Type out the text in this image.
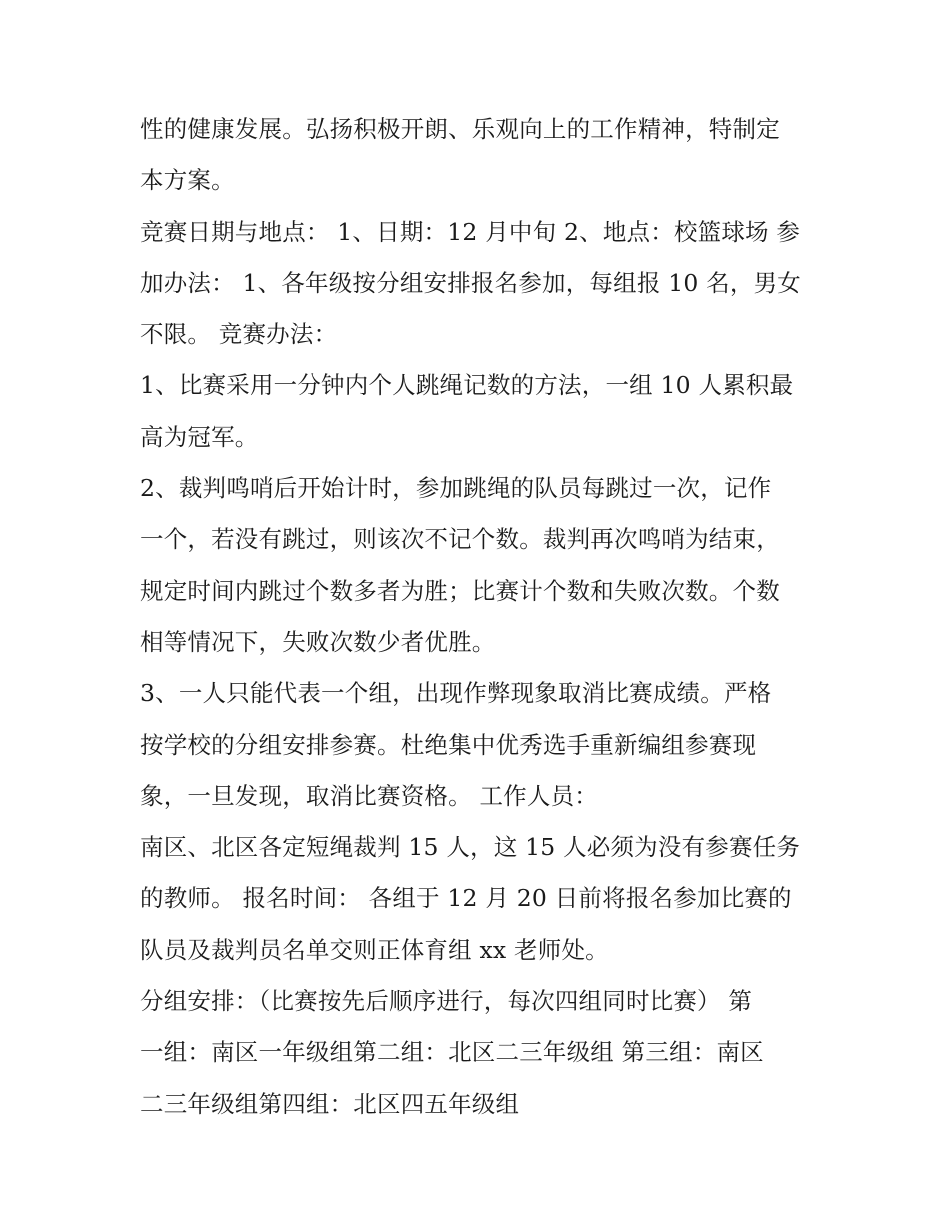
性的健康发展。弘扬积极开朗、乐观向上的工作精神，特制定
本方案。
竞赛日期与地点： 1、日期：12 月中旬 2、地点：校篮球场 参
加办法： 1、各年级按分组安排报名参加，每组报 10 名，男女
不限。 竞赛办法：
1、比赛采用一分钟内个人跳绳记数的方法，一组 10 人累积最
高为冠军。
2、裁判鸣哨后开始计时，参加跳绳的队员每跳过一次，记作
一个，若没有跳过，则该次不记个数。裁判再次鸣哨为结束，
规定时间内跳过个数多者为胜；比赛计个数和失败次数。个数
相等情况下，失败次数少者优胜。
3、一人只能代表一个组，出现作弊现象取消比赛成绩。严格
按学校的分组安排参赛。杜绝集中优秀选手重新编组参赛现
象，一旦发现，取消比赛资格。 工作人员：
南区、北区各定短绳裁判 15 人，这 15 人必须为没有参赛任务
的教师。 报名时间： 各组于 12 月 20 日前将报名参加比赛的
队员及裁判员名单交则正体育组 xx 老师处。
分组安排：（比赛按先后顺序进行，每次四组同时比赛） 第
一组：南区一年级组第二组：北区二三年级组 第三组：南区
二三年级组第四组：北区四五年级组
